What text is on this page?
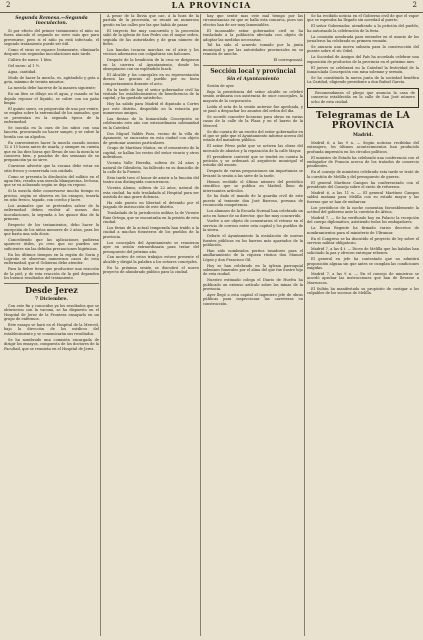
2	LA PROVINCIA	2
Segunda Remesa.—Segunda inoculacion.

Si por efecto del primer tratamiento el niño no fuera atacado el segundo no sirve más que para prevenirse, pero si el niño ya está infectado, el segundo tratamiento puede ser útil.

Como el virus se esparce lentamente, eliminarlo después con segundas inoculaciones más tarde.

Cultivo de suero: 1 litro.

Gel suero: al 1 ½.

Agua, cantidad.

Modo de hacer la mezcla, es, agitándolo y gota a gota, máximo de treinta minutos.

La mezcla debe hacerse de la manera siguiente:

En un litro se diluye un el agua, y cuando se ha dejado reposar el líquido, se cubre con un paño limpio.

El quinto suero, en proporción de uno por veinte, se emplea sobre la extremidad de los animales, que se presentan en la segunda época de la enfermedad.

Se inocula en la cara de los niños con una lanceta, procurando no hacer sangre, y se cubre la herida con un algodon.

En convenientes hacer la mezcla cuando menos 12 ó 15 horas antes de usarla, y siempre en cuenta que en las diez horas que llevan de uso la mezcla se conserva bien, y pasadas de dos semanas de su preparación ya no sirve.

Conviene advertir que la vacuna debe estar en sitio fresco y conservada con cuidado.

Como se presenta la disolución del sulfato en el agua fría, resulta una mezcla blanquecina, lechosa, que se va aclarando según se deja en reposo.

Si la mezcla debe conservarse mucho tiempo es preciso, según se observa en los ensayos, tenerla en sitio fresco, tapado, con corcho y lacre.

Los animales que se pretenden salvar de la enfermedad deben recibir al menos dos inoculaciones, la segunda a los quince días de la primera.

Respecto de los tratamientos, debo hacer la excepción de los niños menores de 2 años, para los que basta una sola dosis.

Concediendo que las aplicaciones pudieran aparecer útiles, yo creo que no pueden ser suficientes sin las debidas precauciones higiénicas.

En los últimos tiempos en la región de Soria y Logroño se observan numerosos casos de esta enfermedad, que el Gobierno debe atender.

Para la fiebre tiene que producirse una reacción de la piel, y de esta reacción de la piel dependen los buenos resultados del tratamiento.

Desde Jerez
7 Diciembre.

Con este fin y conocidos ya los resultados que se obtuvieron con la vacuna, se ha dispuesto en el Hospital de Jerez de la Frontera ensayarlo en un grupo de enfermos.

Este ensayo se hará en el Hospital de la Merced, bajo la dirección de los médicos del establecimiento y se comunicarán sus resultados.

Se ha nombrado una comisión encargada de dirigir los ensayos, compuesta de los doctores de la Facultad, que se reunirán en el Hospital de Jerez.

A pesar de la lluvia que cae, á la hora de la partida de la procesión, se reunió un numeroso gentío en las calles por las que había de pasar.

El trayecto fue muy concurrido y la procesión salió de la iglesia de San Pedro con el mayor orden, seguida de las autoridades y de gran número de fieles.

Los bandas tocaron marchas en el atrio y los vecinos adornaron con colgaduras sus balcones.

Después de la bendición de la cruz se dirigieron en la carrera al Ayuntamiento, donde les obsequiaron con un espléndido lunch.

El Alcalde y los concejales en su representación dieron las gracias al pueblo por su buen comportamiento durante el acto.

En la tarde de hoy el señor gobernador civil ha visitado los establecimientos de beneficencia de la capital, y ha quedado satisfecho.

Hoy ha salido para Madrid el diputado a Cortes por este distrito, despedido en la estación por numerosos amigos.

Las fiestas de la Inmaculada Concepción se celebrarán este año con extraordinaria solemnidad en la Catedral.

Dos Miguel Valdés Pozo, vecino de la villa de Ayamonte, se encuentra en esta ciudad con objeto de gestionar asuntos particulares.

Grupo de Martínez Muñoz, en el cementerio de la capital, se hallan los restos del señor vicario y otros individuos.

Vicenta Valle Heredia, soltera de 24 años y natural de Gibraleón, ha fallecido en su domicilio de la calle de la Fuente.

Esta tarde tuvo el honor de asistir a la función del teatro una distinguida concurrencia.

Vicenta Alonso, soltera de 22 años, natural de esta ciudad, ha sido trasladada al Hospital para ser asistida de una grave dolencia.

Ha sido puesto en libertad el detenido por el juzgado de instrucción de este distrito.

Trasladado de la jurisdicción militar, la de Vicente Ruiz Ortega, que se encontraba en la prisión de esta ciudad.

Los ferias de la actual temporada han traído a la ciudad a muchos forasteros de los pueblos de la provincia.

Los concejales del Ayuntamiento se reunieron ayer en sesión extraordinaria para tratar del presupuesto del próximo año.

Con motivo de estos trabajos estuvo presente el alcalde y dirigió la palabra a los señores concejales.

En la próxima sesión se discutirá el nuevo proyecto de alumbrado público para la ciudad.

hay que sentir mas este mal tiempo por las circunstancias en que se halla esta comarca, pues sus efectos han de ser muy lamentables.

El incansable señor gobernador civil se ha trasladado a la población afectada con objeto de adoptar las medidas necesarias.

Tal ha sido el acuerdo tomado por la junta municipal y por las autoridades provinciales en su reunión de anoche.

El corresponsal.

Sección local y provincial
Sin el Ayuntamiento

Sesión de ayer.

Bajo la presidencia del señor alcalde se celebró sesión ordinaria con asistencia de once concejales, la mayoría de la corporación.

Leída el acta de la sesión anterior fue aprobada, y se pasó a despachar los asuntos del orden del día.

Se acordó conceder licencias para obras en varias casas de la calle de la Plaza y en el barrio de la Merced.

Se dio cuenta de un escrito del señor gobernador en el que se pide que el Ayuntamiento informe acerca del estado del matadero público.

El señor Pérez pidió que se activen las obras del mercado de abastos y la reparación de la calle Mayor.

El presidente contestó que se tendrá en cuenta la petición y se ordenará al arquitecto municipal el estudio del asunto.

Después de varias proposiciones sin importancia se levantó la sesión a las siete de la tarde.

Hemos recibido el último número del periódico científico que se publica en Madrid, lleno de interesantes artículos.

Se ha dado el mando de la guardia civil de este puesto al teniente don José Barroso, persona de reconocida competencia.

Los alumnos de la Escuela Normal han celebrado un acto en honor de su director, que fue muy concurrido.

Vuelve a ser objeto de comentarios el retraso en el servicio de correos entre esta capital y los pueblos de la sierra.

Debate el Ayuntamiento la instalación de nuevas fuentes públicas en los barrios más apartados de la población.

Han sido nombrados peritos tasadores para el amillaramiento de la riqueza rústica don Manuel López y don Francisco Gil.

Hoy se han celebrado en la iglesia parroquial solemnes funerales por el alma del que fue ilustre hijo de esta ciudad.

Nuestro estimado colega el Diario de Huelva ha publicado un extenso artículo sobre las minas de la provincia.

Ayer llegó a esta capital el ingeniero jefe de obras públicas para inspeccionar las carreteras en construcción.

Se ha recibido noticia en el Gobierno civil de que el vapor que se esperaba ha llegado sin novedad al puerto.

El señor Gobernador, atendiendo a la petición del pueblo, ha autorizado la celebración de la feria.

La comisión nombrada para entender en el asunto de los jornaleros ha celebrado su primera reunión.

Se anuncia una nueva subasta para la construcción del puente sobre el río Odiel.

La Sociedad de Amigos del País ha acordado celebrar una exposición de productos de la provincia en el próximo mes.

El jueves se celebrará en la Catedral la festividad de la Inmaculada Concepción con misa solemne y sermón.

Se ha constituido la nueva junta de la sociedad benéfica La Caridad, eligiendo presidente a don Rafael García.

Recomendamos el pliego que anuncia la casa de comercio establecida en la calle de San José número ocho de esta ciudad.

Telegramas de LA PROVINCIA
Madrid.

Madrid 6, a las 9 n. — Según noticias recibidas del extranjero, los últimos acontecimientos han producido profunda impresión en los círculos políticos.

El ministro de Estado ha celebrado una conferencia con el embajador de Francia acerca de los tratados de comercio pendientes.

En el consejo de ministros celebrado esta tarde se trató de la cuestión de Melilla y del presupuesto de guerra.

El general Martínez Campos ha conferenciado con el presidente del Consejo sobre el envío de refuerzos.

Madrid 6, a las 11 n. — El general Martínez Campos saldrá mañana para Melilla con su estado mayor y las fuerzas que se han de embarcar.

Los periódicos de la noche comentan favorablemente la actitud del gobierno ante la cuestión de África.

Madrid 7. — Se ha verificado hoy en Palacio la recepción del cuerpo diplomático, asistiendo todos los embajadores.

La Reina Regente ha firmado varios decretos de nombramientos para el ministerio de Ultramar.

En el Congreso se ha discutido el proyecto de ley sobre el servicio militar obligatorio.

Madrid 7, a las 4 t. — Dicen de Melilla que las kabilas han solicitado la paz y ofrecen entregar rehenes.

El general en jefe ha contestado que no admitirá proposición alguna sin que antes se cumplan las condiciones exigidas.

Madrid 7, a las 9 n. — En el consejo de ministros se acordó aprobar las instrucciones que han de llevarse a Marruecos.

El Sultán ha manifestado su propósito de castigar a los culpables de los sucesos de Melilla.
